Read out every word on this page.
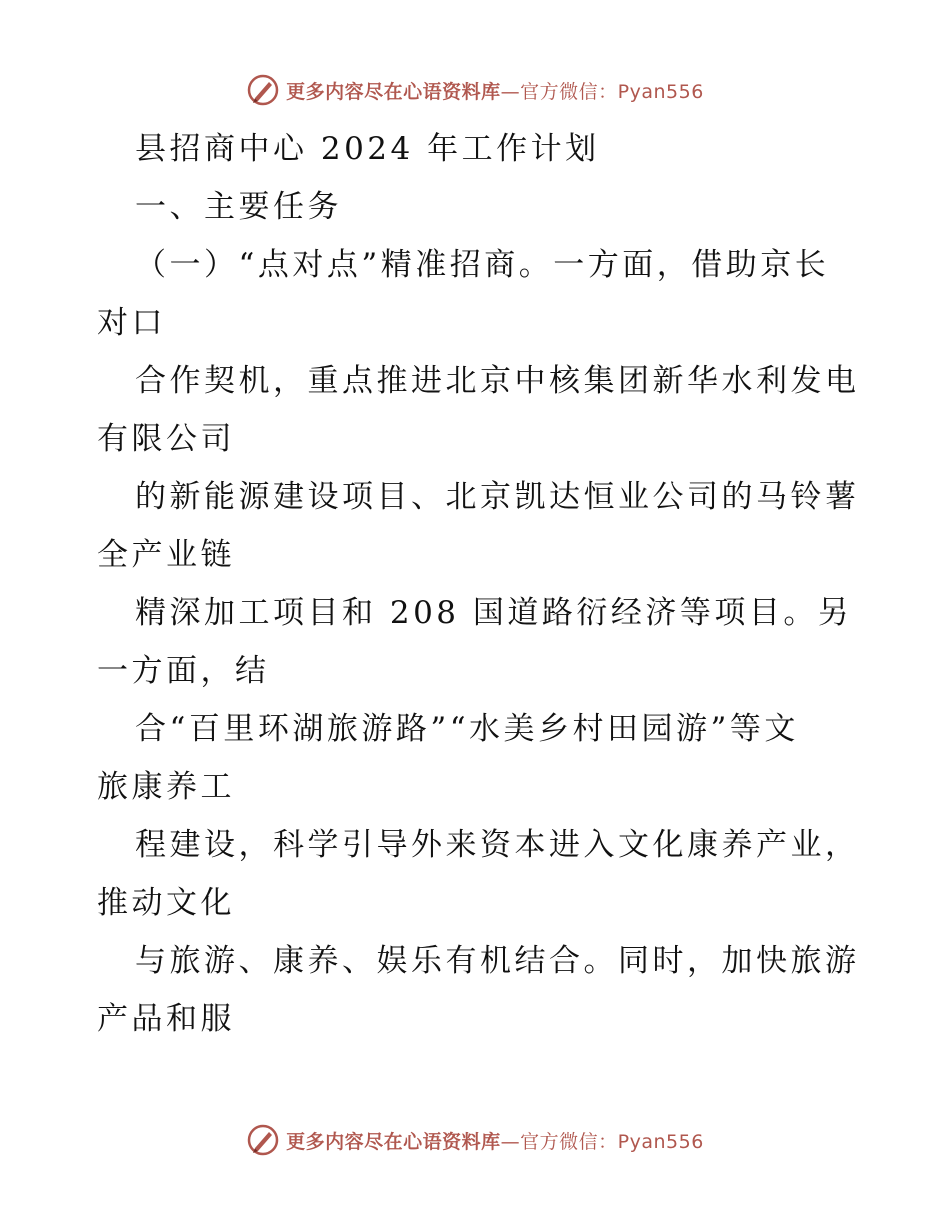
更多内容尽在心语资料库—官方微信：Pyan556
县招商中心 2024 年工作计划
一、主要任务
（一）“点对点”精准招商。一方面，借助京长
对口
合作契机，重点推进北京中核集团新华水利发电
有限公司
的新能源建设项目、北京凯达恒业公司的马铃薯
全产业链
精深加工项目和 208 国道路衍经济等项目。另
一方面，结
合“百里环湖旅游路”“水美乡村田园游”等文
旅康养工
程建设，科学引导外来资本进入文化康养产业，
推动文化
与旅游、康养、娱乐有机结合。同时，加快旅游
产品和服
更多内容尽在心语资料库—官方微信：Pyan556
